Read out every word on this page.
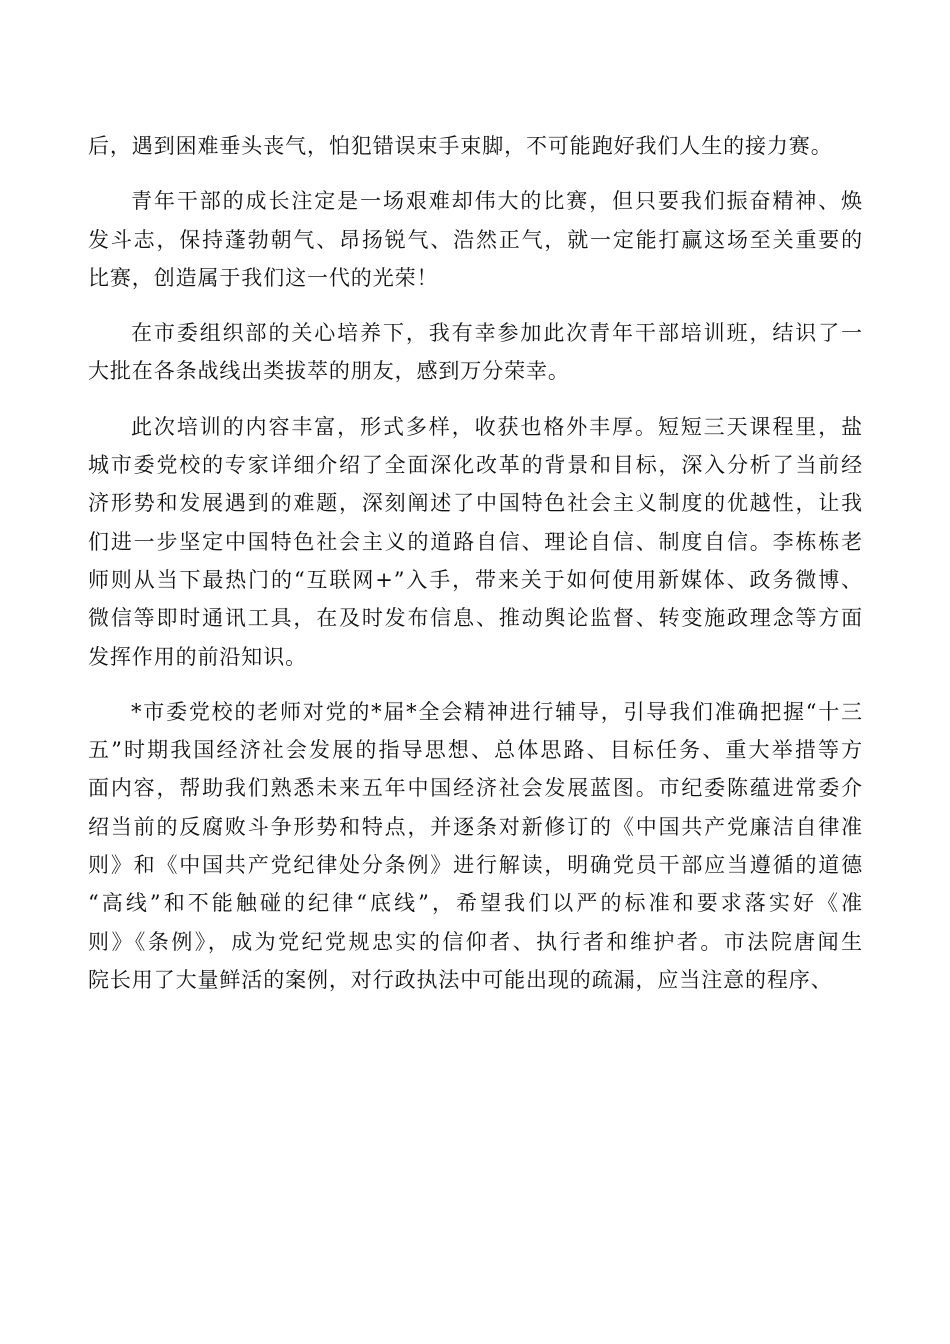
后，遇到困难垂头丧气，怕犯错误束手束脚，不可能跑好我们人生的接力赛。
青年干部的成长注定是一场艰难却伟大的比赛，但只要我们振奋精神、焕
发斗志，保持蓬勃朝气、昂扬锐气、浩然正气，就一定能打赢这场至关重要的
比赛，创造属于我们这一代的光荣！
在市委组织部的关心培养下，我有幸参加此次青年干部培训班，结识了一
大批在各条战线出类拔萃的朋友，感到万分荣幸。
此次培训的内容丰富，形式多样，收获也格外丰厚。短短三天课程里，盐
城市委党校的专家详细介绍了全面深化改革的背景和目标，深入分析了当前经
济形势和发展遇到的难题，深刻阐述了中国特色社会主义制度的优越性，让我
们进一步坚定中国特色社会主义的道路自信、理论自信、制度自信。李栋栋老
师则从当下最热门的“互联网+”入手，带来关于如何使用新媒体、政务微博、
微信等即时通讯工具，在及时发布信息、推动舆论监督、转变施政理念等方面
发挥作用的前沿知识。
*市委党校的老师对党的*届*全会精神进行辅导，引导我们准确把握“十三
五”时期我国经济社会发展的指导思想、总体思路、目标任务、重大举措等方
面内容，帮助我们熟悉未来五年中国经济社会发展蓝图。市纪委陈蕴进常委介
绍当前的反腐败斗争形势和特点，并逐条对新修订的《中国共产党廉洁自律准
则》和《中国共产党纪律处分条例》进行解读，明确党员干部应当遵循的道德
“高线”和不能触碰的纪律“底线”，希望我们以严的标准和要求落实好《准
则》《条例》，成为党纪党规忠实的信仰者、执行者和维护者。市法院唐闻生
院长用了大量鲜活的案例，对行政执法中可能出现的疏漏，应当注意的程序、
